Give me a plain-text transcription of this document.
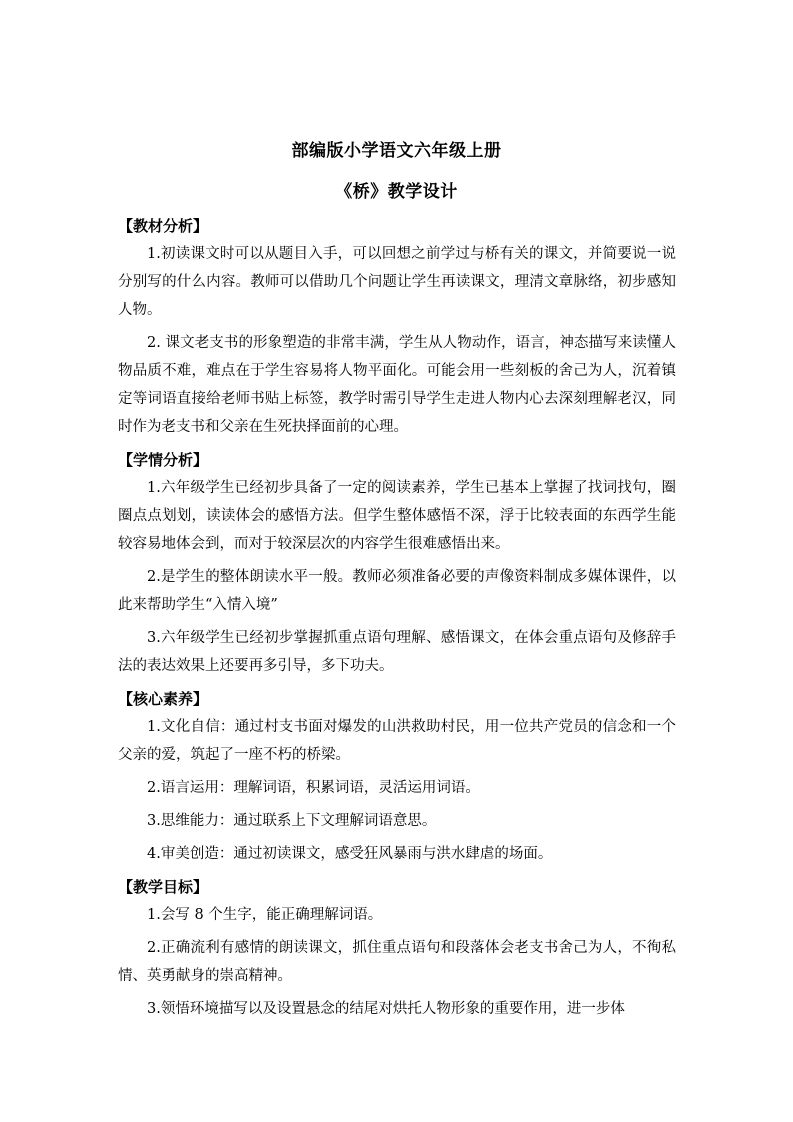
部编版小学语文六年级上册
《桥》教学设计
【教材分析】
1.初读课文时可以从题目入手，可以回想之前学过与桥有关的课文，并简要说一说分别写的什么内容。教师可以借助几个问题让学生再读课文，理清文章脉络，初步感知人物。
2. 课文老支书的形象塑造的非常丰满，学生从人物动作，语言，神态描写来读懂人物品质不难，难点在于学生容易将人物平面化。可能会用一些刻板的舍己为人，沉着镇定等词语直接给老师书贴上标签，教学时需引导学生走进人物内心去深刻理解老汉，同时作为老支书和父亲在生死抉择面前的心理。
【学情分析】
1.六年级学生已经初步具备了一定的阅读素养，学生已基本上掌握了找词找句，圈圈点点划划，读读体会的感悟方法。但学生整体感悟不深，浮于比较表面的东西学生能较容易地体会到，而对于较深层次的内容学生很难感悟出来。
2.是学生的整体朗读水平一般。教师必须准备必要的声像资料制成多媒体课件，以此来帮助学生“入情入境”
3.六年级学生已经初步掌握抓重点语句理解、感悟课文，在体会重点语句及修辞手法的表达效果上还要再多引导，多下功夫。
【核心素养】
1.文化自信：通过村支书面对爆发的山洪救助村民，用一位共产党员的信念和一个父亲的爱，筑起了一座不朽的桥梁。
2.语言运用：理解词语，积累词语，灵活运用词语。
3.思维能力：通过联系上下文理解词语意思。
4.审美创造：通过初读课文，感受狂风暴雨与洪水肆虐的场面。
【教学目标】
1.会写 8 个生字，能正确理解词语。
2.正确流利有感情的朗读课文，抓住重点语句和段落体会老支书舍己为人，不徇私情、英勇献身的崇高精神。
3.领悟环境描写以及设置悬念的结尾对烘托人物形象的重要作用，进一步体
